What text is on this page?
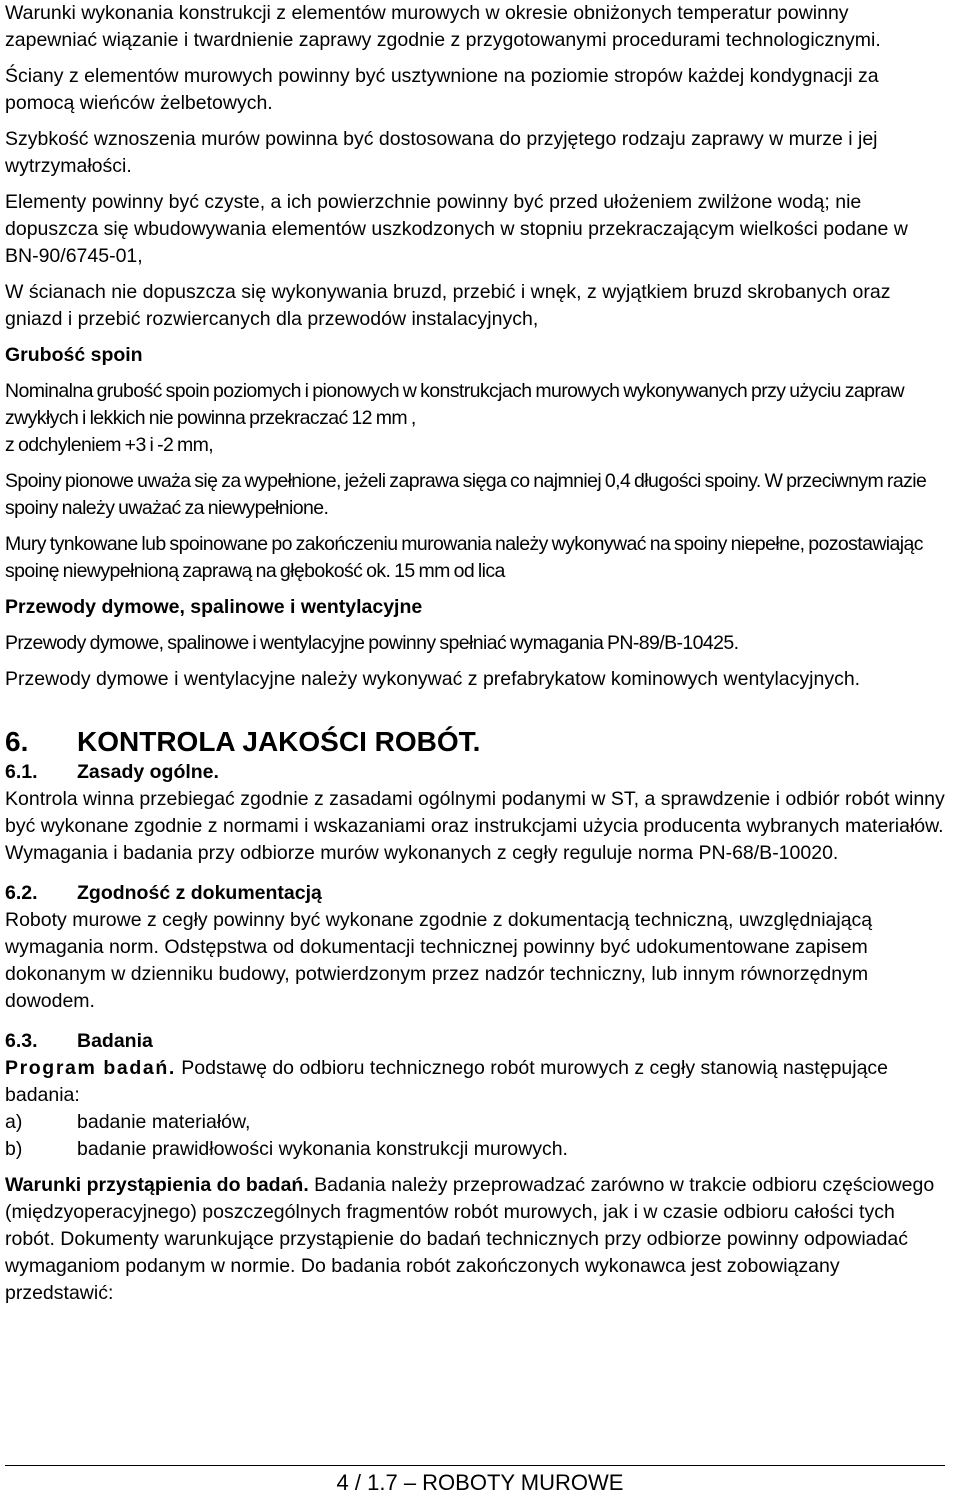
Warunki wykonania konstrukcji z elementów murowych w okresie obniżonych temperatur powinny zapewniać wiązanie i twardnienie zaprawy zgodnie z przygotowanymi procedurami technologicznymi.

Ściany z elementów murowych powinny być usztywnione na poziomie stropów każdej kondygnacji za pomocą wieńców żelbetowych.

Szybkość wznoszenia murów powinna być dostosowana do przyjętego rodzaju zaprawy w murze i jej wytrzymałości.

Elementy powinny być czyste, a ich powierzchnie powinny być przed ułożeniem zwilżone wodą; nie dopuszcza się wbudowywania elementów uszkodzonych w stopniu przekraczającym wielkości podane w BN-90/6745-01,

W ścianach nie dopuszcza się wykonywania bruzd, przebić i wnęk, z wyjątkiem bruzd skrobanych oraz gniazd i przebić rozwiercanych dla przewodów instalacyjnych,

Grubość spoin

Nominalna grubość spoin poziomych i pionowych w konstrukcjach murowych wykonywanych przy użyciu zapraw zwykłych i lekkich nie powinna przekraczać 12 mm ,

z odchyleniem +3 i -2 mm,

Spoiny pionowe uważa się za wypełnione, jeżeli zaprawa sięga co najmniej 0,4 długości spoiny. W przeciwnym razie spoiny należy uważać za niewypełnione.

Mury tynkowane lub spoinowane po zakończeniu murowania należy wykonywać na spoiny niepełne, pozostawiając spoinę niewypełnioną zaprawą na głębokość ok. 15 mm od lica

Przewody dymowe, spalinowe i wentylacyjne

Przewody dymowe, spalinowe i wentylacyjne powinny spełniać wymagania PN-89/B-10425.

Przewody dymowe i wentylacyjne należy wykonywać z prefabrykatow kominowych wentylacyjnych.

6.	KONTROLA JAKOŚCI ROBÓT.
6.1.	Zasady ogólne.

Kontrola winna przebiegać zgodnie z zasadami ogólnymi podanymi w ST, a sprawdzenie i odbiór robót winny być wykonane zgodnie z normami i wskazaniami oraz instrukcjami użycia producenta wybranych materiałów.

Wymagania i badania przy odbiorze murów wykonanych z cegły reguluje norma PN-68/B-10020.

6.2.	Zgodność z dokumentacją

Roboty murowe z cegły powinny być wykonane zgodnie z dokumentacją techniczną, uwzględniającą wymagania norm. Odstępstwa od dokumentacji technicznej powinny być udokumentowane zapisem dokonanym w dzienniku budowy, potwierdzonym przez nadzór techniczny, lub innym równorzędnym dowodem.

6.3.	Badania

Program badań. Podstawę do odbioru technicznego robót murowych z cegły stanowią następujące badania:

a)	badanie materiałów,
b)	badanie prawidłowości wykonania konstrukcji murowych.

Warunki przystąpienia do badań. Badania należy przeprowadzać zarówno w trakcie odbioru częściowego (międzyoperacyjnego) poszczególnych fragmentów robót murowych, jak i w czasie odbioru całości tych robót. Dokumenty warunkujące przystąpienie do badań technicznych przy odbiorze powinny odpowiadać wymaganiom podanym w normie. Do badania robót zakończonych wykonawca jest zobowiązany przedstawić:

4 / 1.7 – ROBOTY MUROWE
